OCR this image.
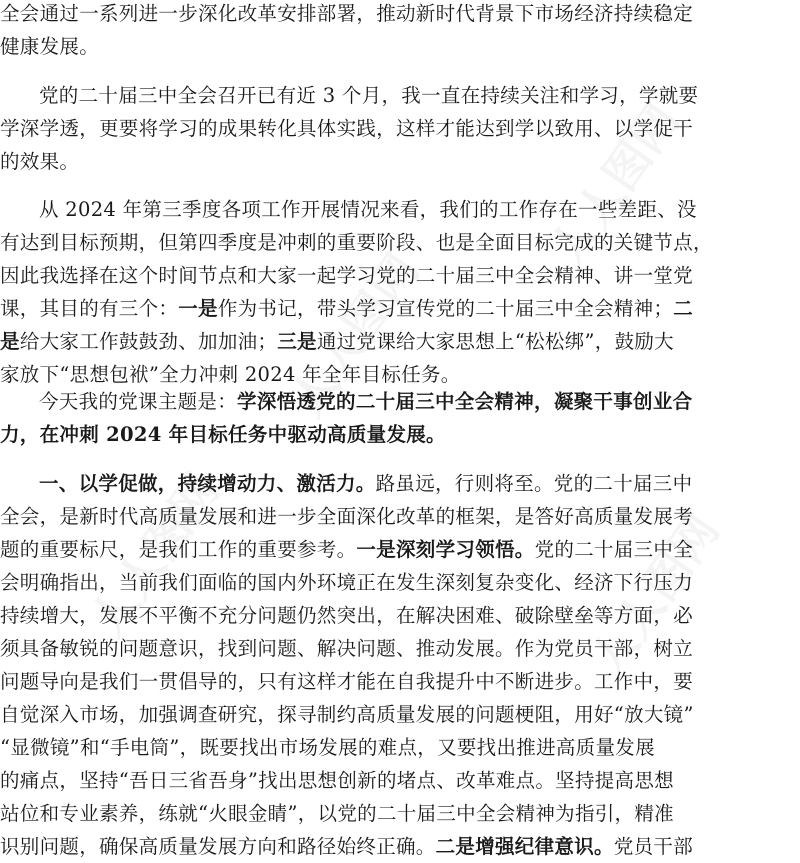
全会通过一系列进一步深化改革安排部署，推动新时代背景下市场经济持续稳定
健康发展。
党的二十届三中全会召开已有近 3 个月，我一直在持续关注和学习，学就要
学深学透，更要将学习的成果转化具体实践，这样才能达到学以致用、以学促干
的效果。
从 2024 年第三季度各项工作开展情况来看，我们的工作存在一些差距、没
有达到目标预期，但第四季度是冲刺的重要阶段、也是全面目标完成的关键节点，
因此我选择在这个时间节点和大家一起学习党的二十届三中全会精神、讲一堂党
课，其目的有三个：一是作为书记，带头学习宣传党的二十届三中全会精神；二
是给大家工作鼓鼓劲、加加油；三是通过党课给大家思想上“松松绑”，鼓励大
家放下“思想包袱”全力冲刺 2024 年全年目标任务。
今天我的党课主题是：学深悟透党的二十届三中全会精神，凝聚干事创业合
力，在冲刺 2024 年目标任务中驱动高质量发展。
一、以学促做，持续增动力、激活力。路虽远，行则将至。党的二十届三中
全会，是新时代高质量发展和进一步全面深化改革的框架，是答好高质量发展考
题的重要标尺，是我们工作的重要参考。一是深刻学习领悟。党的二十届三中全
会明确指出，当前我们面临的国内外环境正在发生深刻复杂变化、经济下行压力
持续增大，发展不平衡不充分问题仍然突出，在解决困难、破除壁垒等方面，必
须具备敏锐的问题意识，找到问题、解决问题、推动发展。作为党员干部，树立
问题导向是我们一贯倡导的，只有这样才能在自我提升中不断进步。工作中，要
自觉深入市场，加强调查研究，探寻制约高质量发展的问题梗阻，用好“放大镜”
“显微镜”和“手电筒”，既要找出市场发展的难点，又要找出推进高质量发展
的痛点，坚持“吾日三省吾身”找出思想创新的堵点、改革难点。坚持提高思想
站位和专业素养，练就“火眼金睛”，以党的二十届三中全会精神为指引，精准
识别问题，确保高质量发展方向和路径始终正确。二是增强纪律意识。党员干部
